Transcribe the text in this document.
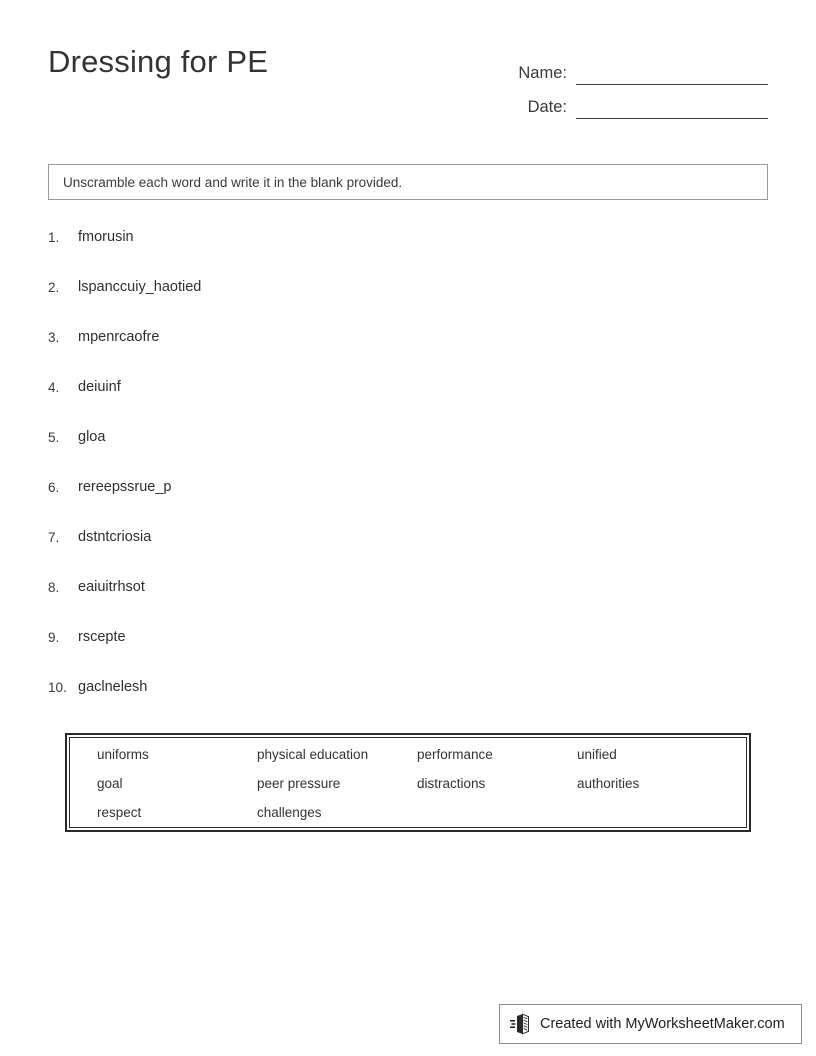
Dressing for PE	Name:
Date:
Unscramble each word and write it in the blank provided.
1.	fmorusin
2.	lspanccuiy_haotied
3.	mpenrcaofre
4.	deiuinf
5.	gloa
6.	rereepssrue_p
7.	dstntcriosia
8.	eaiuitrhsot
9.	rscepte
10. gaclnelesh
uniforms	physical education	performance	unified
goal	peer pressure	distractions	authorities
respect	challenges
Created with MyWorksheetMaker.com
